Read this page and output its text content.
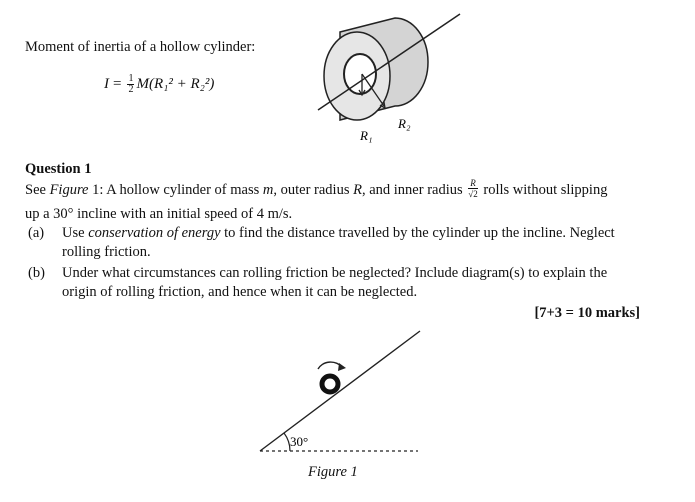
Moment of inertia of a hollow cylinder:
$I = \frac{1}{2} M(R_1^2 + R_2^2)$
R₁
R₂
Question 1
See Figure 1: A hollow cylinder of mass m, outer radius R, and inner radius $\frac{R}{√2}$ rolls without slipping
up a 30° incline with an initial speed of 4 m/s.
(a) Use conservation of energy to find the distance travelled by the cylinder up the incline. Neglect
rolling friction.
(b) Under what circumstances can rolling friction be neglected? Include diagram(s) to explain the
origin of rolling friction, and hence when it can be neglected.
[7+3 = 10 marks]
30°
Figure 1
